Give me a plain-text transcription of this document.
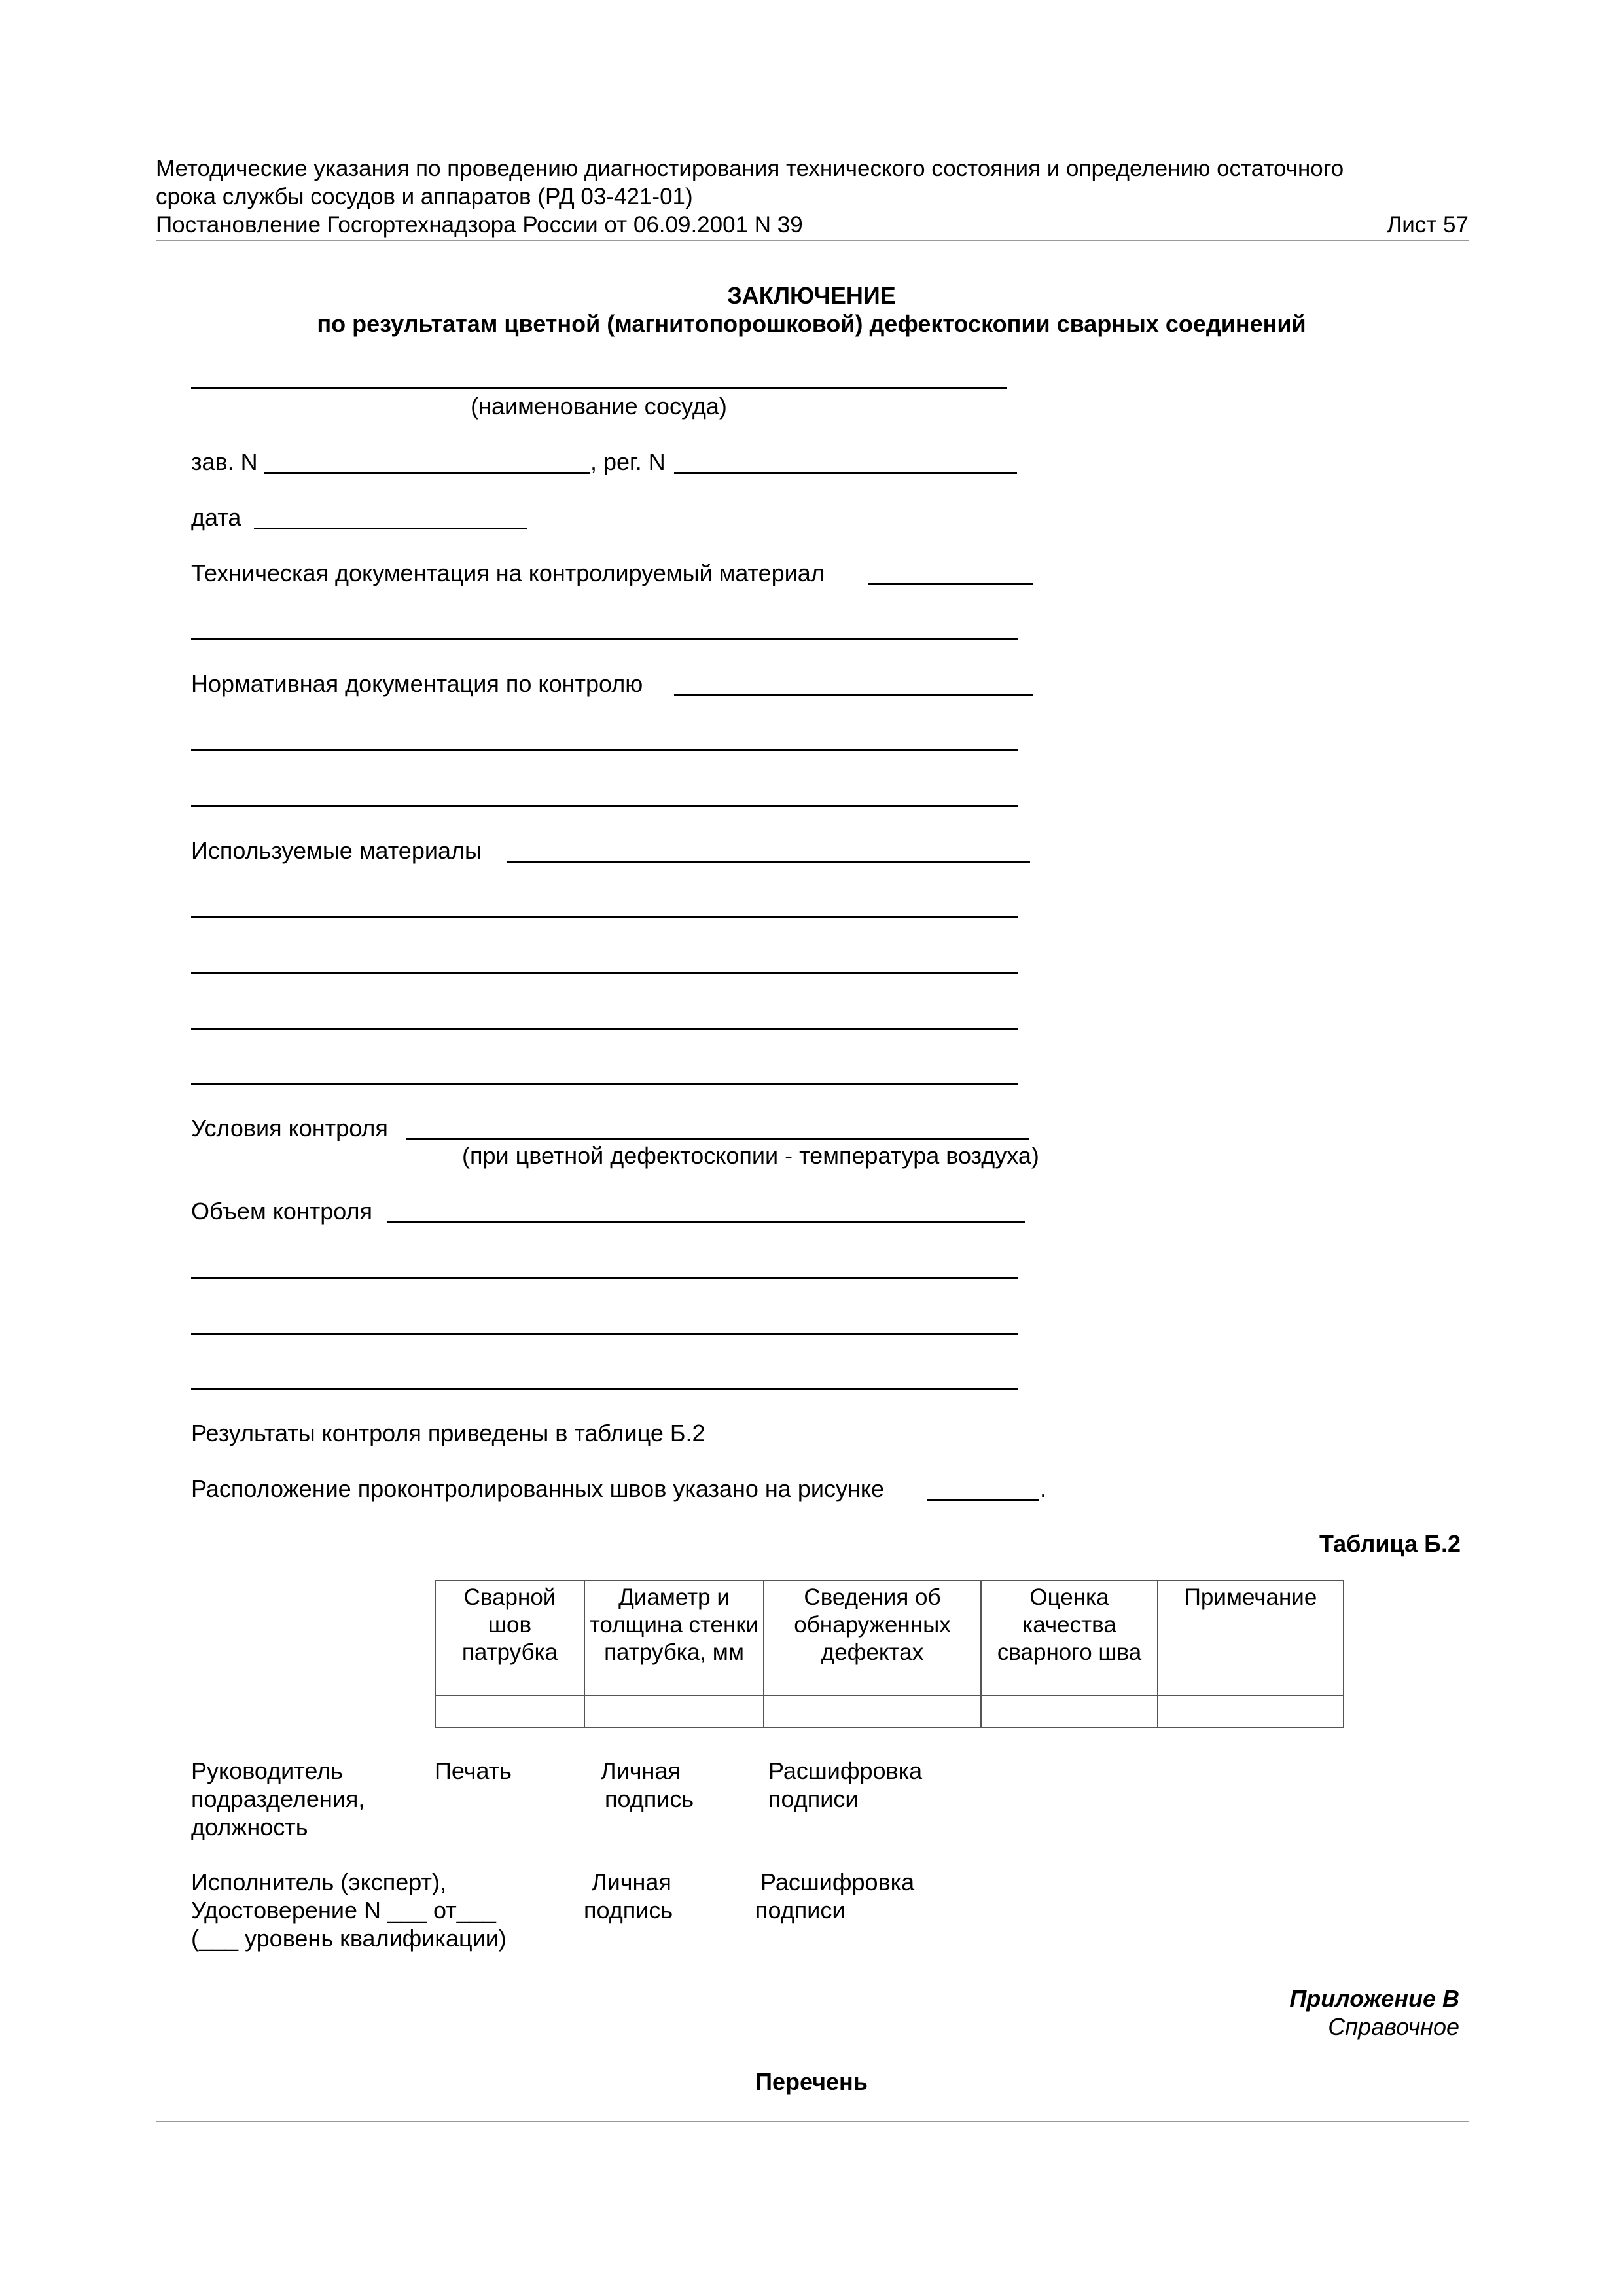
Методические указания по проведению диагностирования технического состояния и определению остаточного
срока службы сосудов и аппаратов (РД 03-421-01)
Постановление Госгортехнадзора России от 06.09.2001 N 39	Лист 57
ЗАКЛЮЧЕНИЕ
по результатам цветной (магнитопорошковой) дефектоскопии сварных соединений
(наименование сосуда)
зав. N	, рег. N
дата
Техническая документация на контролируемый материал
Нормативная документация по контролю
Используемые материалы
Условия контроля
(при цветной дефектоскопии - температура воздуха)
Объем контроля
Результаты контроля приведены в таблице Б.2
Расположение проконтролированных швов указано на рисунке	.
Таблица Б.2
Сварной шов патрубка	Диаметр и толщина стенки патрубка, мм	Сведения об обнаруженных дефектах	Оценка качества сварного шва	Примечание

Руководитель
подразделения,
должность
Печать	Личная
подпись
Расшифровка
подписи
Исполнитель (эксперт),
Удостоверение N ___ от___
(___ уровень квалификации)
Личная
подпись
Расшифровка
подписи
Приложение В
Справочное
Перечень
